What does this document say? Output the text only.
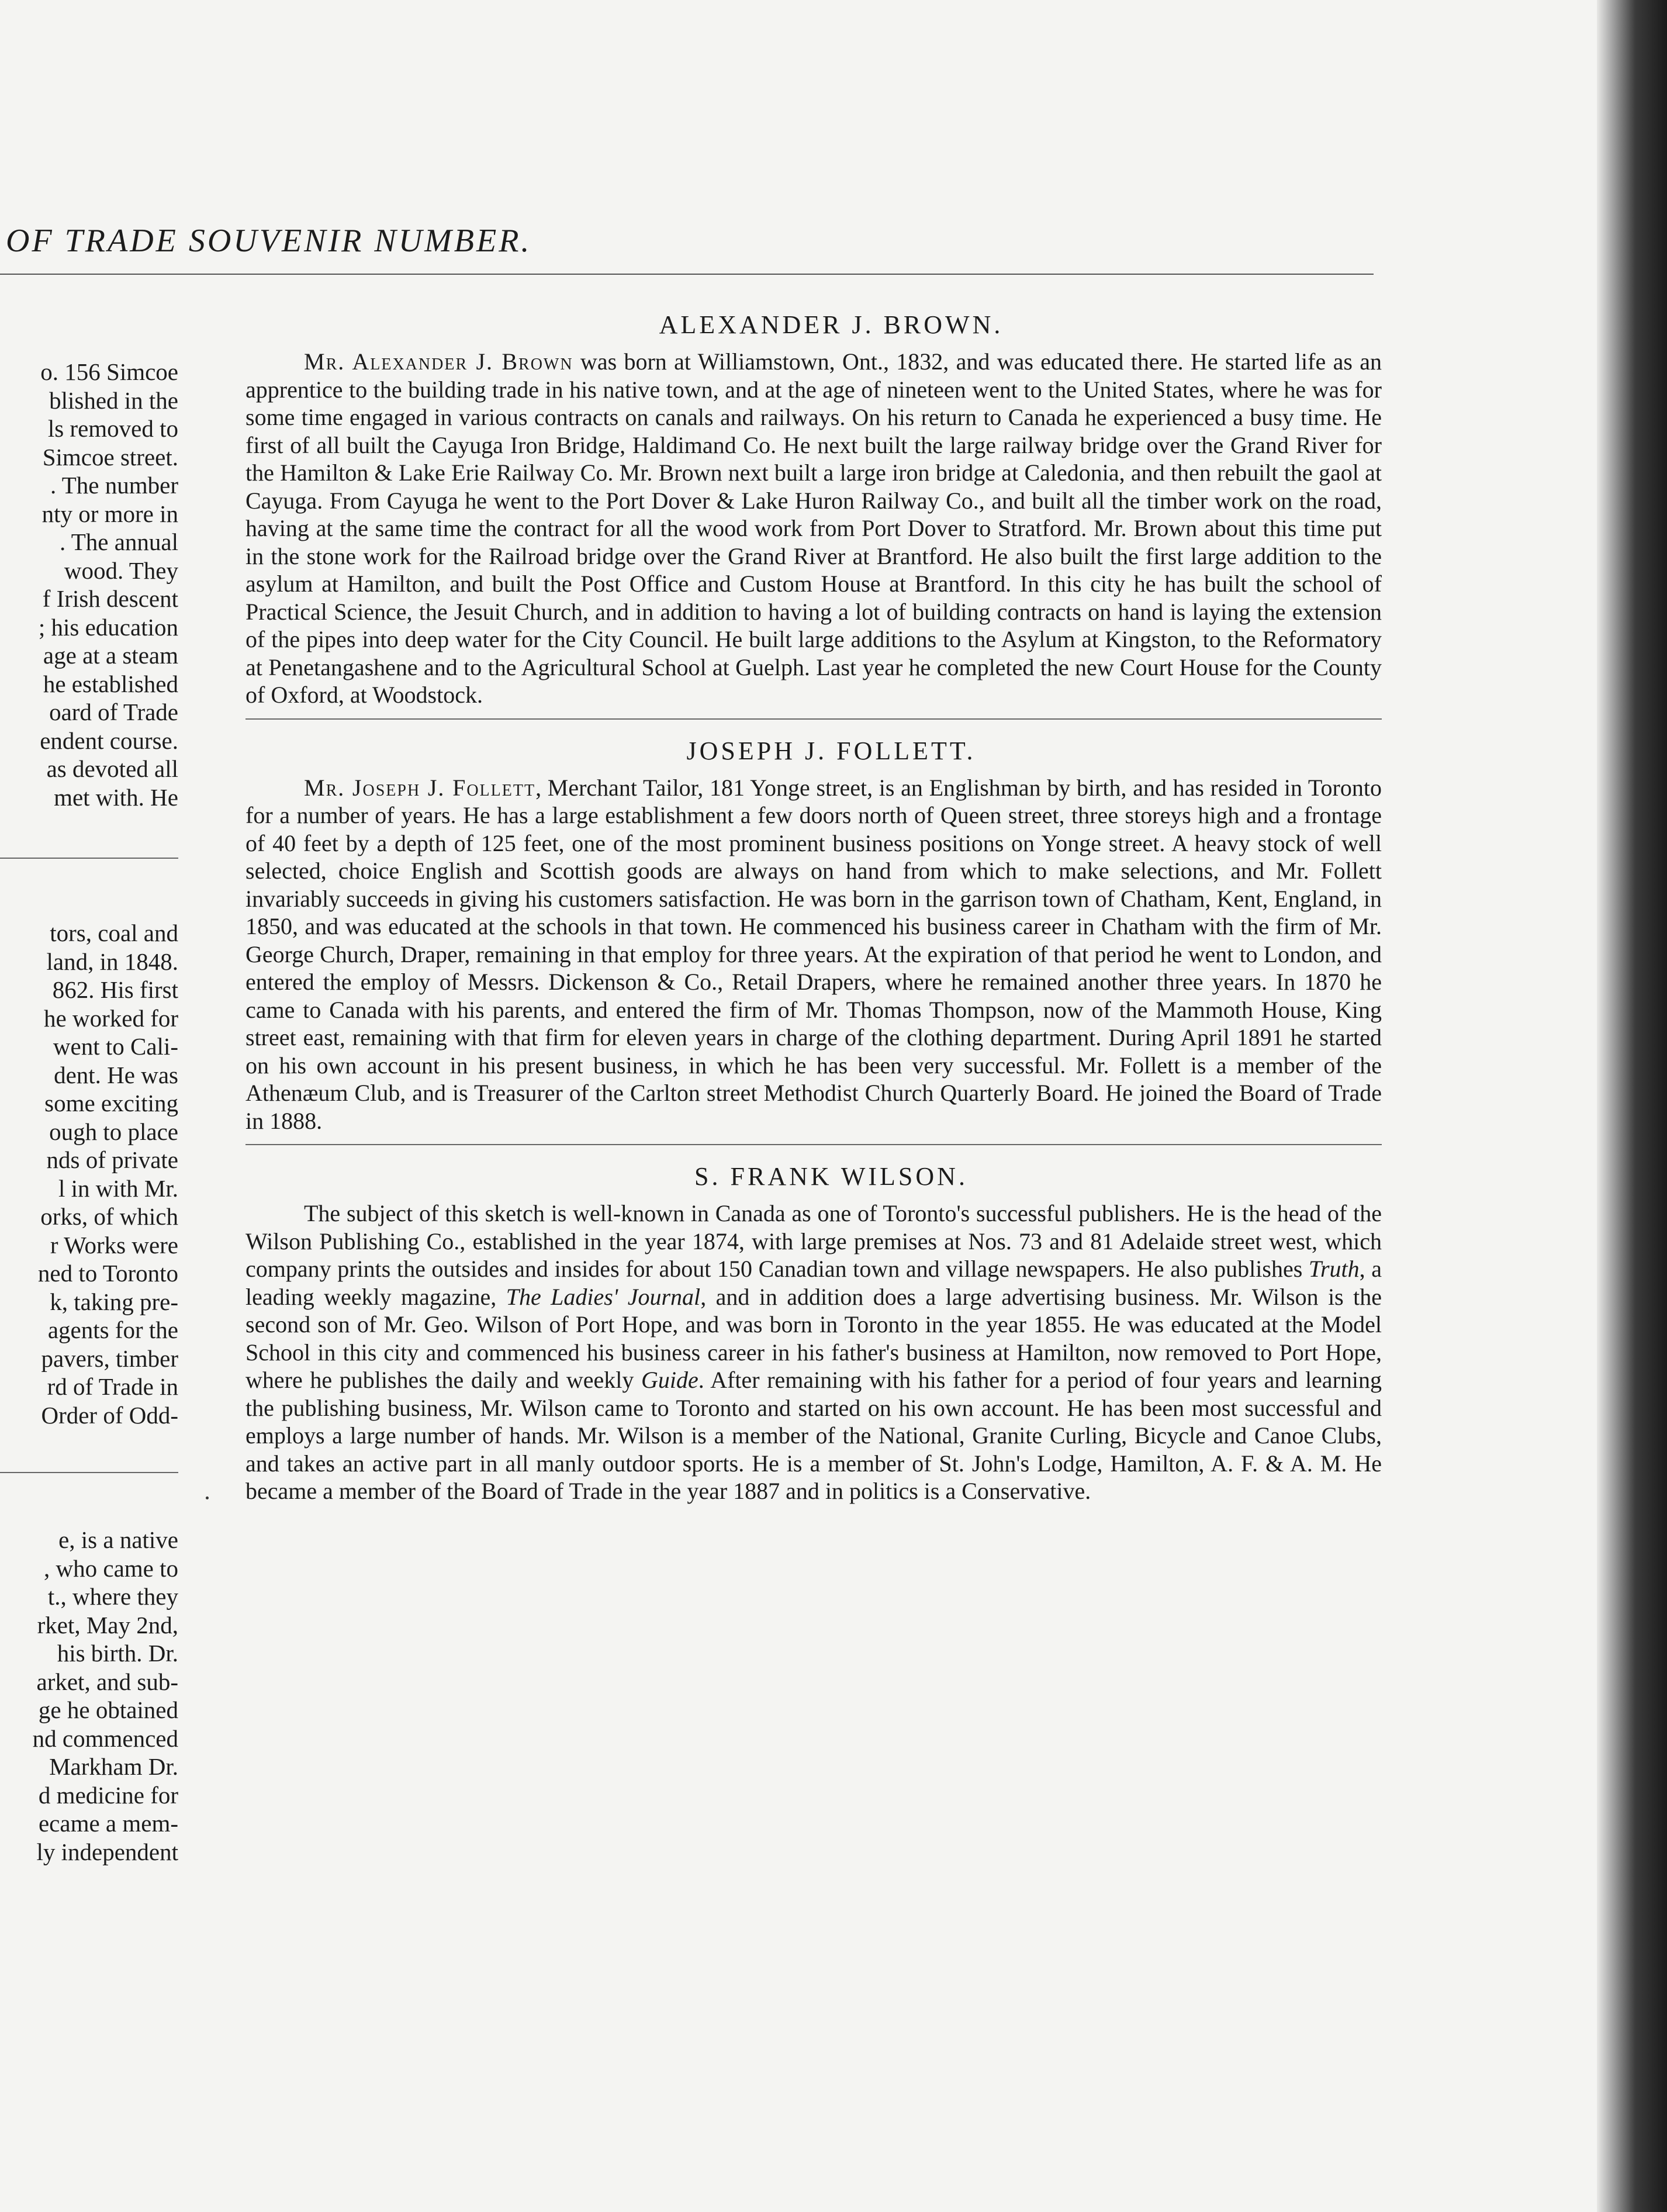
OF TRADE SOUVENIR NUMBER.
o. 156 Simcoe
blished in the
ls removed to
Simcoe street.
. The number
nty or more in
. The annual
wood. They
f Irish descent
; his education
age at a steam
he established
oard of Trade
endent course.
as devoted all
met with. He
tors, coal and
land, in 1848.
862. His first
he worked for
went to Cali-
dent. He was
some exciting
ough to place
nds of private
l in with Mr.
orks, of which
r Works were
ned to Toronto
k, taking pre-
agents for the
pavers, timber
rd of Trade in
Order of Odd-
e, is a native
, who came to
t., where they
rket, May 2nd,
his birth. Dr.
arket, and sub-
ge he obtained
nd commenced
Markham Dr.
d medicine for
ecame a mem-
ly independent
ALEXANDER J. BROWN.

Mr. Alexander J. Brown was born at Williamstown, Ont., 1832, and was educated there. He started life as an apprentice to the building trade in his native town, and at the age of nineteen went to the United States, where he was for some time engaged in various contracts on canals and railways. On his return to Canada he experienced a busy time. He first of all built the Cayuga Iron Bridge, Haldimand Co. He next built the large railway bridge over the Grand River for the Hamilton & Lake Erie Railway Co. Mr. Brown next built a large iron bridge at Caledonia, and then rebuilt the gaol at Cayuga. From Cayuga he went to the Port Dover & Lake Huron Railway Co., and built all the timber work on the road, having at the same time the contract for all the wood work from Port Dover to Stratford. Mr. Brown about this time put in the stone work for the Railroad bridge over the Grand River at Brantford. He also built the first large addition to the asylum at Hamilton, and built the Post Office and Custom House at Brantford. In this city he has built the school of Practical Science, the Jesuit Church, and in addition to having a lot of building contracts on hand is laying the extension of the pipes into deep water for the City Council. He built large additions to the Asylum at Kingston, to the Reformatory at Penetangashene and to the Agricultural School at Guelph. Last year he completed the new Court House for the County of Oxford, at Woodstock.

JOSEPH J. FOLLETT.

Mr. Joseph J. Follett, Merchant Tailor, 181 Yonge street, is an Englishman by birth, and has resided in Toronto for a number of years. He has a large establishment a few doors north of Queen street, three storeys high and a frontage of 40 feet by a depth of 125 feet, one of the most prominent business positions on Yonge street. A heavy stock of well selected, choice English and Scottish goods are always on hand from which to make selections, and Mr. Follett invariably succeeds in giving his customers satisfaction. He was born in the garrison town of Chatham, Kent, England, in 1850, and was educated at the schools in that town. He commenced his business career in Chatham with the firm of Mr. George Church, Draper, remaining in that employ for three years. At the expiration of that period he went to London, and entered the employ of Messrs. Dickenson & Co., Retail Drapers, where he remained another three years. In 1870 he came to Canada with his parents, and entered the firm of Mr. Thomas Thompson, now of the Mammoth House, King street east, remaining with that firm for eleven years in charge of the clothing department. During April 1891 he started on his own account in his present business, in which he has been very successful. Mr. Follett is a member of the Athenæum Club, and is Treasurer of the Carlton street Methodist Church Quarterly Board. He joined the Board of Trade in 1888.

S. FRANK WILSON.

The subject of this sketch is well-known in Canada as one of Toronto's successful publishers. He is the head of the Wilson Publishing Co., established in the year 1874, with large premises at Nos. 73 and 81 Adelaide street west, which company prints the outsides and insides for about 150 Canadian town and village newspapers. He also publishes Truth, a leading weekly magazine, The Ladies' Journal, and in addition does a large advertising business. Mr. Wilson is the second son of Mr. Geo. Wilson of Port Hope, and was born in Toronto in the year 1855. He was educated at the Model School in this city and commenced his business career in his father's business at Hamilton, now removed to Port Hope, where he publishes the daily and weekly Guide. After remaining with his father for a period of four years and learning the publishing business, Mr. Wilson came to Toronto and started on his own account. He has been most successful and employs a large number of hands. Mr. Wilson is a member of the National, Granite Curling, Bicycle and Canoe Clubs, and takes an active part in all manly outdoor sports. He is a member of St. John's Lodge, Hamilton, A. F. & A. M. He became a member of the Board of Trade in the year 1887 and in politics is a Conservative.
